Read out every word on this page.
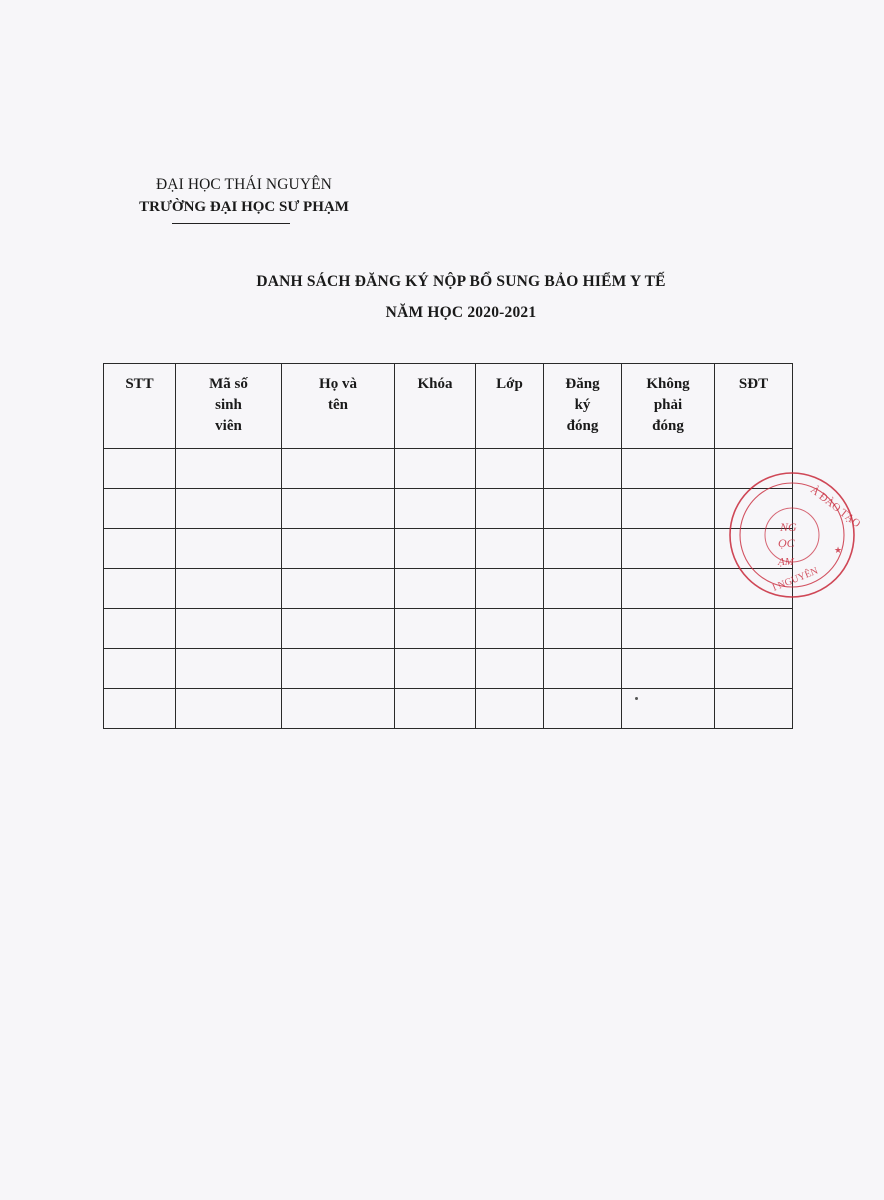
ĐẠI HỌC THÁI NGUYÊN
TRƯỜNG ĐẠI HỌC SƯ PHẠM
DANH SÁCH ĐĂNG KÝ NỘP BỔ SUNG BẢO HIỂM Y TẾ
NĂM HỌC 2020-2021
STT	Mã số sinh viên	Họ và tên	Khóa	Lớp	Đăng ký đóng	Không phải đóng	SĐT

À ĐÀO TẠO
NG
ỌC
ẠM
★
I NGUYÊN
